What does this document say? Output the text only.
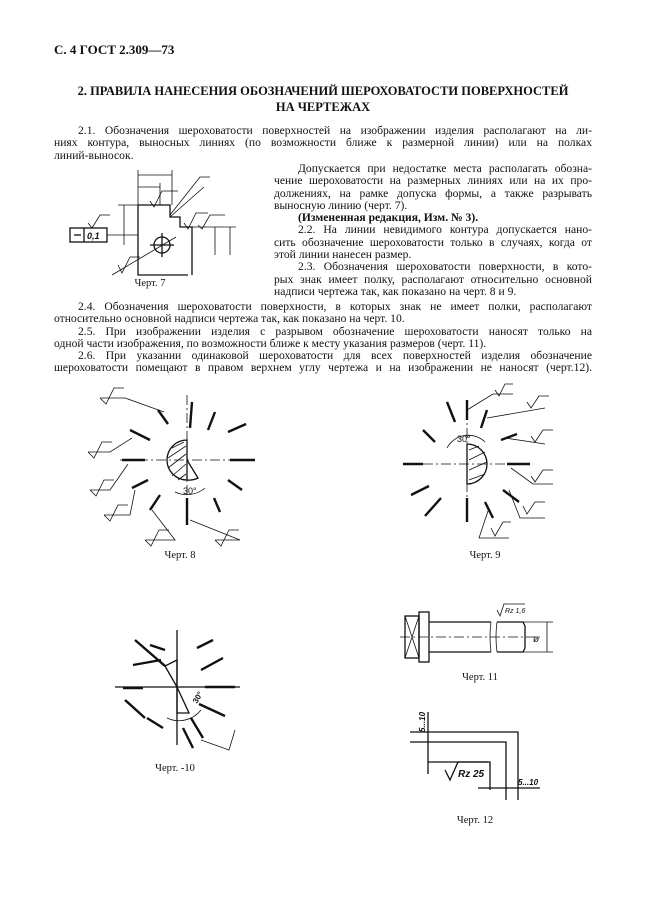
С. 4 ГОСТ 2.309—73
2. ПРАВИЛА НАНЕСЕНИЯ ОБОЗНАЧЕНИЙ ШЕРОХОВАТОСТИ ПОВЕРХНОСТЕЙ
НА ЧЕРТЕЖАХ
2.1. Обозначения шероховатости поверхностей на изображении изделия располагают на ли-
ниях контура, выносных линиях (по возможности ближе к размерной линии) или на полках
линий-выносок.
Допускается при недостатке места располагать обозна-
чение шероховатости на размерных линиях или на их про-
должениях, на рамке допуска формы, а также разрывать
выносную линию (черт. 7).
(Измененная редакция, Изм. № 3).
2.2. На линии невидимого контура допускается нано-
сить обозначение шероховатости только в случаях, когда от
этой линии нанесен размер.
2.3. Обозначения шероховатости поверхности, в кото-
рых знак имеет полку, располагают относительно основной
надписи чертежа так, как показано на черт. 8 и 9.
2.4. Обозначения шероховатости поверхности, в которых знак не имеет полки, располагают
относительно основной надписи чертежа так, как показано на черт. 10.
2.5. При изображении изделия с разрывом обозначение шероховатости наносят только на
одной части изображения, по возможности ближе к месту указания размеров (черт. 11).
2.6. При указании одинаковой шероховатости для всех поверхностей изделия обозначение
шероховатости помещают в правом верхнем углу чертежа и на изображении не наносят (черт.12).
0,1
Черт. 7
30°
Черт. 8
30°
Черт. 9
30°
Черт. -10
ø
Rz 1,6
Черт. 11
5...10
5...10
Rz 25
Черт. 12
